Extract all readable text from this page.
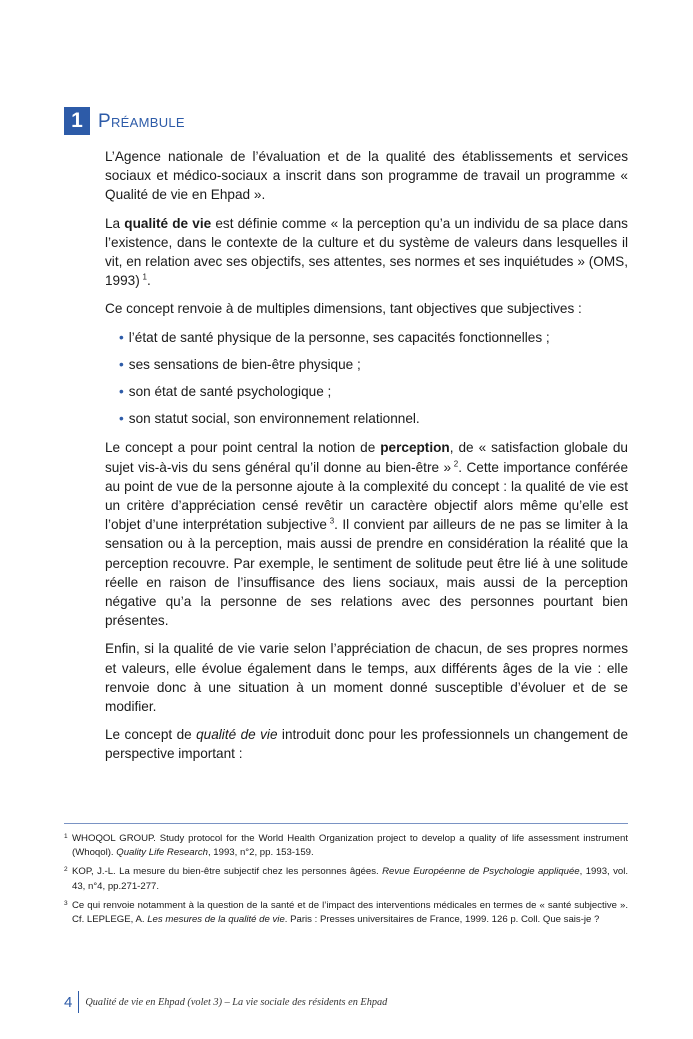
1 Préambule

L’Agence nationale de l’évaluation et de la qualité des établissements et services sociaux et médico-sociaux a inscrit dans son programme de travail un programme « Qualité de vie en Ehpad ».

La qualité de vie est définie comme « la perception qu’a un individu de sa place dans l’existence, dans le contexte de la culture et du système de valeurs dans lesquelles il vit, en relation avec ses objectifs, ses attentes, ses normes et ses inquiétudes » (OMS, 1993)  $^1$.

Ce concept renvoie à de multiples dimensions, tant objectives que subjectives :

• l’état de santé physique de la personne, ses capacités fonctionnelles ;
• ses sensations de bien-être physique ;
• son état de santé psychologique ;
• son statut social, son environnement relationnel.

Le concept a pour point central la notion de perception, de « satisfaction globale du sujet vis-à-vis du sens général qu’il donne au bien-être »  $^2$. Cette importance conférée au point de vue de la personne ajoute à la complexité du concept : la qualité de vie est un critère d’appréciation censé revêtir un caractère objectif alors même qu’elle est l’objet d’une interprétation subjective  $^3$. Il convient par ailleurs de ne pas se limiter à la sensation ou à la perception, mais aussi de prendre en considération la réalité que la perception recouvre. Par exemple, le sentiment de solitude peut être lié à une solitude réelle en raison de l’insuffisance des liens sociaux, mais aussi de la perception négative qu’a la personne de ses relations avec des personnes pourtant bien présentes.

Enfin, si la qualité de vie varie selon l’appréciation de chacun, de ses propres normes et valeurs, elle évolue également dans le temps, aux différents âges de la vie : elle renvoie donc à une situation à un moment donné susceptible d’évoluer et de se modifier.

Le concept de qualité de vie introduit donc pour les professionnels un changement de perspective important :

1 WHOQOL GROUP. Study protocol for the World Health Organization project to develop a quality of life assessment instrument (Whoqol). Quality Life Research, 1993, n°2, pp. 153-159.
2 KOP, J.-L. La mesure du bien-être subjectif chez les personnes âgées. Revue Européenne de Psychologie appliquée, 1993, vol. 43, n°4, pp.271-277.
3 Ce qui renvoie notamment à la question de la santé et de l’impact des interventions médicales en termes de « santé subjective ». Cf. LEPLEGE, A. Les mesures de la qualité de vie. Paris : Presses universitaires de France, 1999. 126 p. Coll. Que sais-je ?
4 Qualité de vie en Ehpad (volet 3) – La vie sociale des résidents en Ehpad
